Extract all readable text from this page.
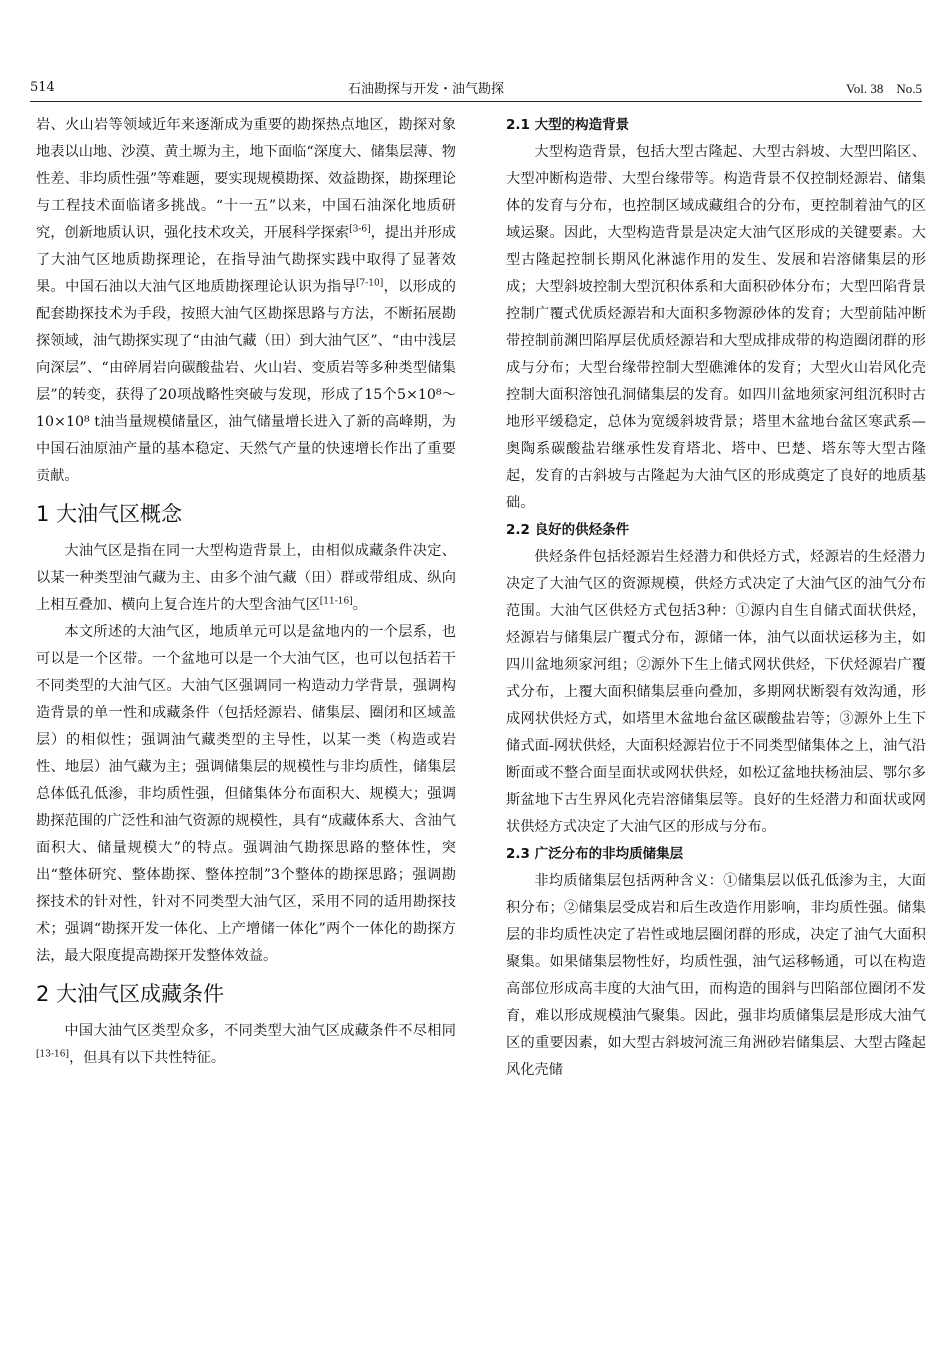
514	石油勘探与开发・油气勘探	Vol. 38　No.5

岩、火山岩等领域近年来逐渐成为重要的勘探热点地区，勘探对象地表以山地、沙漠、黄土塬为主，地下面临“深度大、储集层薄、物性差、非均质性强”等难题，要实现规模勘探、效益勘探，勘探理论与工程技术面临诸多挑战。“十一五”以来，中国石油深化地质研究，创新地质认识，强化技术攻关，开展科学探索[3-6]，提出并形成了大油气区地质勘探理论，在指导油气勘探实践中取得了显著效果。中国石油以大油气区地质勘探理论认识为指导[7-10]，以形成的配套勘探技术为手段，按照大油气区勘探思路与方法，不断拓展勘探领域，油气勘探实现了“由油气藏（田）到大油气区”、“由中浅层向深层”、“由碎屑岩向碳酸盐岩、火山岩、变质岩等多种类型储集层”的转变，获得了20项战略性突破与发现，形成了15个5×10⁸～10×10⁸ t油当量规模储量区，油气储量增长进入了新的高峰期，为中国石油原油产量的基本稳定、天然气产量的快速增长作出了重要贡献。

1 大油气区概念

大油气区是指在同一大型构造背景上，由相似成藏条件决定、以某一种类型油气藏为主、由多个油气藏（田）群或带组成、纵向上相互叠加、横向上复合连片的大型含油气区[11-16]。

本文所述的大油气区，地质单元可以是盆地内的一个层系，也可以是一个区带。一个盆地可以是一个大油气区，也可以包括若干不同类型的大油气区。大油气区强调同一构造动力学背景，强调构造背景的单一性和成藏条件（包括烃源岩、储集层、圈闭和区域盖层）的相似性；强调油气藏类型的主导性，以某一类（构造或岩性、地层）油气藏为主；强调储集层的规模性与非均质性，储集层总体低孔低渗，非均质性强，但储集体分布面积大、规模大；强调勘探范围的广泛性和油气资源的规模性，具有“成藏体系大、含油气面积大、储量规模大”的特点。强调油气勘探思路的整体性，突出“整体研究、整体勘探、整体控制”3个整体的勘探思路；强调勘探技术的针对性，针对不同类型大油气区，采用不同的适用勘探技术；强调“勘探开发一体化、上产增储一体化”两个一体化的勘探方法，最大限度提高勘探开发整体效益。

2 大油气区成藏条件

中国大油气区类型众多，不同类型大油气区成藏条件不尽相同[13-16]，但具有以下共性特征。

2.1 大型的构造背景

大型构造背景，包括大型古隆起、大型古斜坡、大型凹陷区、大型冲断构造带、大型台缘带等。构造背景不仅控制烃源岩、储集体的发育与分布，也控制区域成藏组合的分布，更控制着油气的区域运聚。因此，大型构造背景是决定大油气区形成的关键要素。大型古隆起控制长期风化淋滤作用的发生、发展和岩溶储集层的形成；大型斜坡控制大型沉积体系和大面积砂体分布；大型凹陷背景控制广覆式优质烃源岩和大面积多物源砂体的发育；大型前陆冲断带控制前渊凹陷厚层优质烃源岩和大型成排成带的构造圈闭群的形成与分布；大型台缘带控制大型礁滩体的发育；大型火山岩风化壳控制大面积溶蚀孔洞储集层的发育。如四川盆地须家河组沉积时古地形平缓稳定，总体为宽缓斜坡背景；塔里木盆地台盆区寒武系—奥陶系碳酸盐岩继承性发育塔北、塔中、巴楚、塔东等大型古隆起，发育的古斜坡与古隆起为大油气区的形成奠定了良好的地质基础。

2.2 良好的供烃条件

供烃条件包括烃源岩生烃潜力和供烃方式，烃源岩的生烃潜力决定了大油气区的资源规模，供烃方式决定了大油气区的油气分布范围。大油气区供烃方式包括3种：①源内自生自储式面状供烃，烃源岩与储集层广覆式分布，源储一体，油气以面状运移为主，如四川盆地须家河组；②源外下生上储式网状供烃，下伏烃源岩广覆式分布，上覆大面积储集层垂向叠加，多期网状断裂有效沟通，形成网状供烃方式，如塔里木盆地台盆区碳酸盐岩等；③源外上生下储式面-网状供烃，大面积烃源岩位于不同类型储集体之上，油气沿断面或不整合面呈面状或网状供烃，如松辽盆地扶杨油层、鄂尔多斯盆地下古生界风化壳岩溶储集层等。良好的生烃潜力和面状或网状供烃方式决定了大油气区的形成与分布。

2.3 广泛分布的非均质储集层

非均质储集层包括两种含义：①储集层以低孔低渗为主，大面积分布；②储集层受成岩和后生改造作用影响，非均质性强。储集层的非均质性决定了岩性或地层圈闭群的形成，决定了油气大面积聚集。如果储集层物性好，均质性强，油气运移畅通，可以在构造高部位形成高丰度的大油气田，而构造的围斜与凹陷部位圈闭不发育，难以形成规模油气聚集。因此，强非均质储集层是形成大油气区的重要因素，如大型古斜坡河流三角洲砂岩储集层、大型古隆起风化壳储
